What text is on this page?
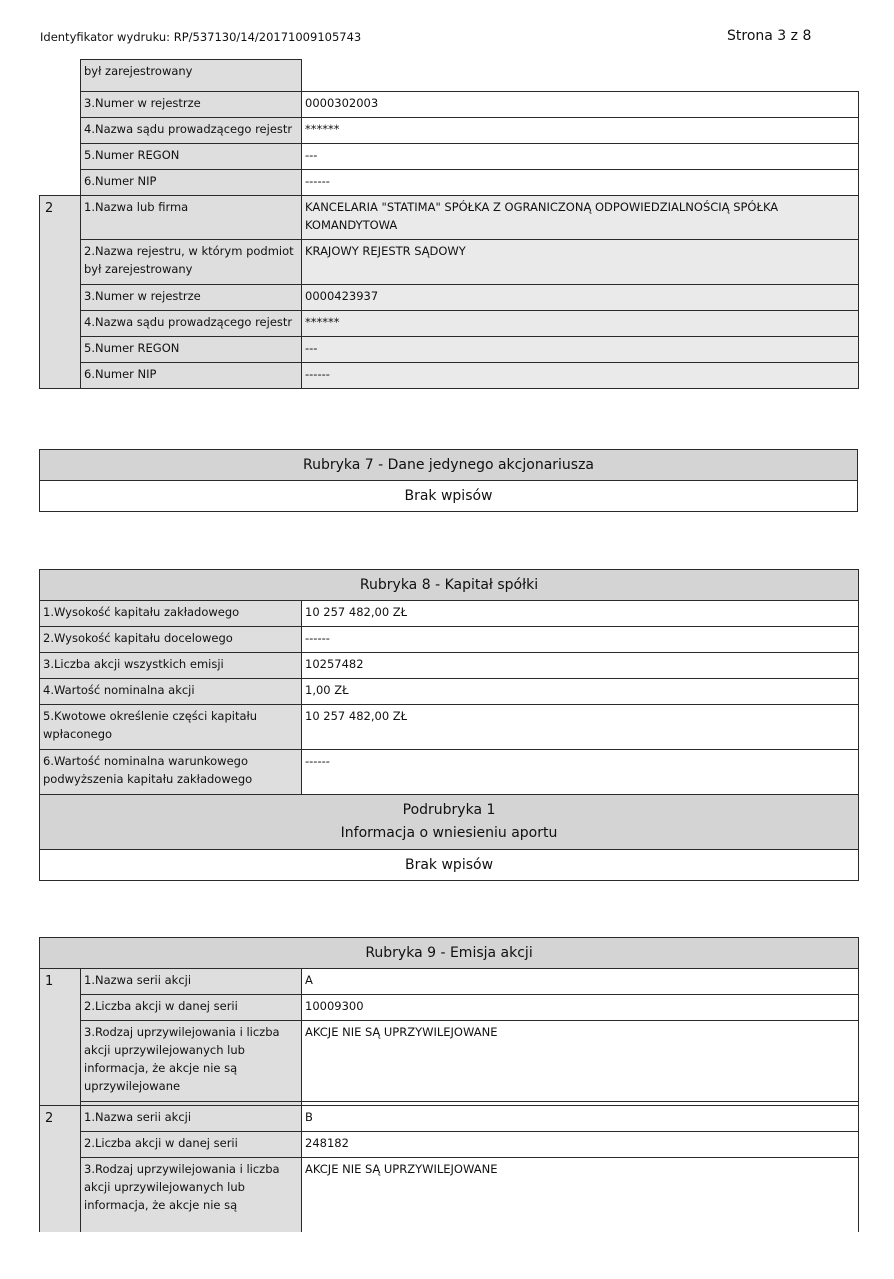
Identyfikator wydruku: RP/537130/14/20171009105743	Strona 3 z 8
	był zarejestrowany	
	3.Numer w rejestrze	0000302003
	4.Nazwa sądu prowadzącego rejestr	******
	5.Numer REGON	---
	6.Numer NIP	------
2	1.Nazwa lub firma	KANCELARIA "STATIMA" SPÓŁKA Z OGRANICZONĄ ODPOWIEDZIALNOŚCIĄ SPÓŁKA KOMANDYTOWA
	2.Nazwa rejestru, w którym podmiot był zarejestrowany	KRAJOWY REJESTR SĄDOWY
	3.Numer w rejestrze	0000423937
	4.Nazwa sądu prowadzącego rejestr	******
	5.Numer REGON	---
	6.Numer NIP	------
Rubryka 7 - Dane jedynego akcjonariusza
Brak wpisów
Rubryka 8 - Kapitał spółki	
1.Wysokość kapitału zakładowego	10 257 482,00 ZŁ
2.Wysokość kapitału docelowego	------
3.Liczba akcji wszystkich emisji	10257482
4.Wartość nominalna akcji	1,00 ZŁ
5.Kwotowe określenie części kapitału wpłaconego	10 257 482,00 ZŁ
6.Wartość nominalna warunkowego podwyższenia kapitału zakładowego	------

Podrubryka 1
Informacja o wniesieniu aportu	

Brak wpisów	
Rubryka 9 - Emisja akcji		
1	1.Nazwa serii akcji	A
	2.Liczba akcji w danej serii	10009300
	3.Rodzaj uprzywilejowania i liczba akcji uprzywilejowanych lub informacja, że akcje nie są uprzywilejowane	AKCJE NIE SĄ UPRZYWILEJOWANE

2	1.Nazwa serii akcji	B
	2.Liczba akcji w danej serii	248182
	3.Rodzaj uprzywilejowania i liczba akcji uprzywilejowanych lub informacja, że akcje nie są	AKCJE NIE SĄ UPRZYWILEJOWANE
